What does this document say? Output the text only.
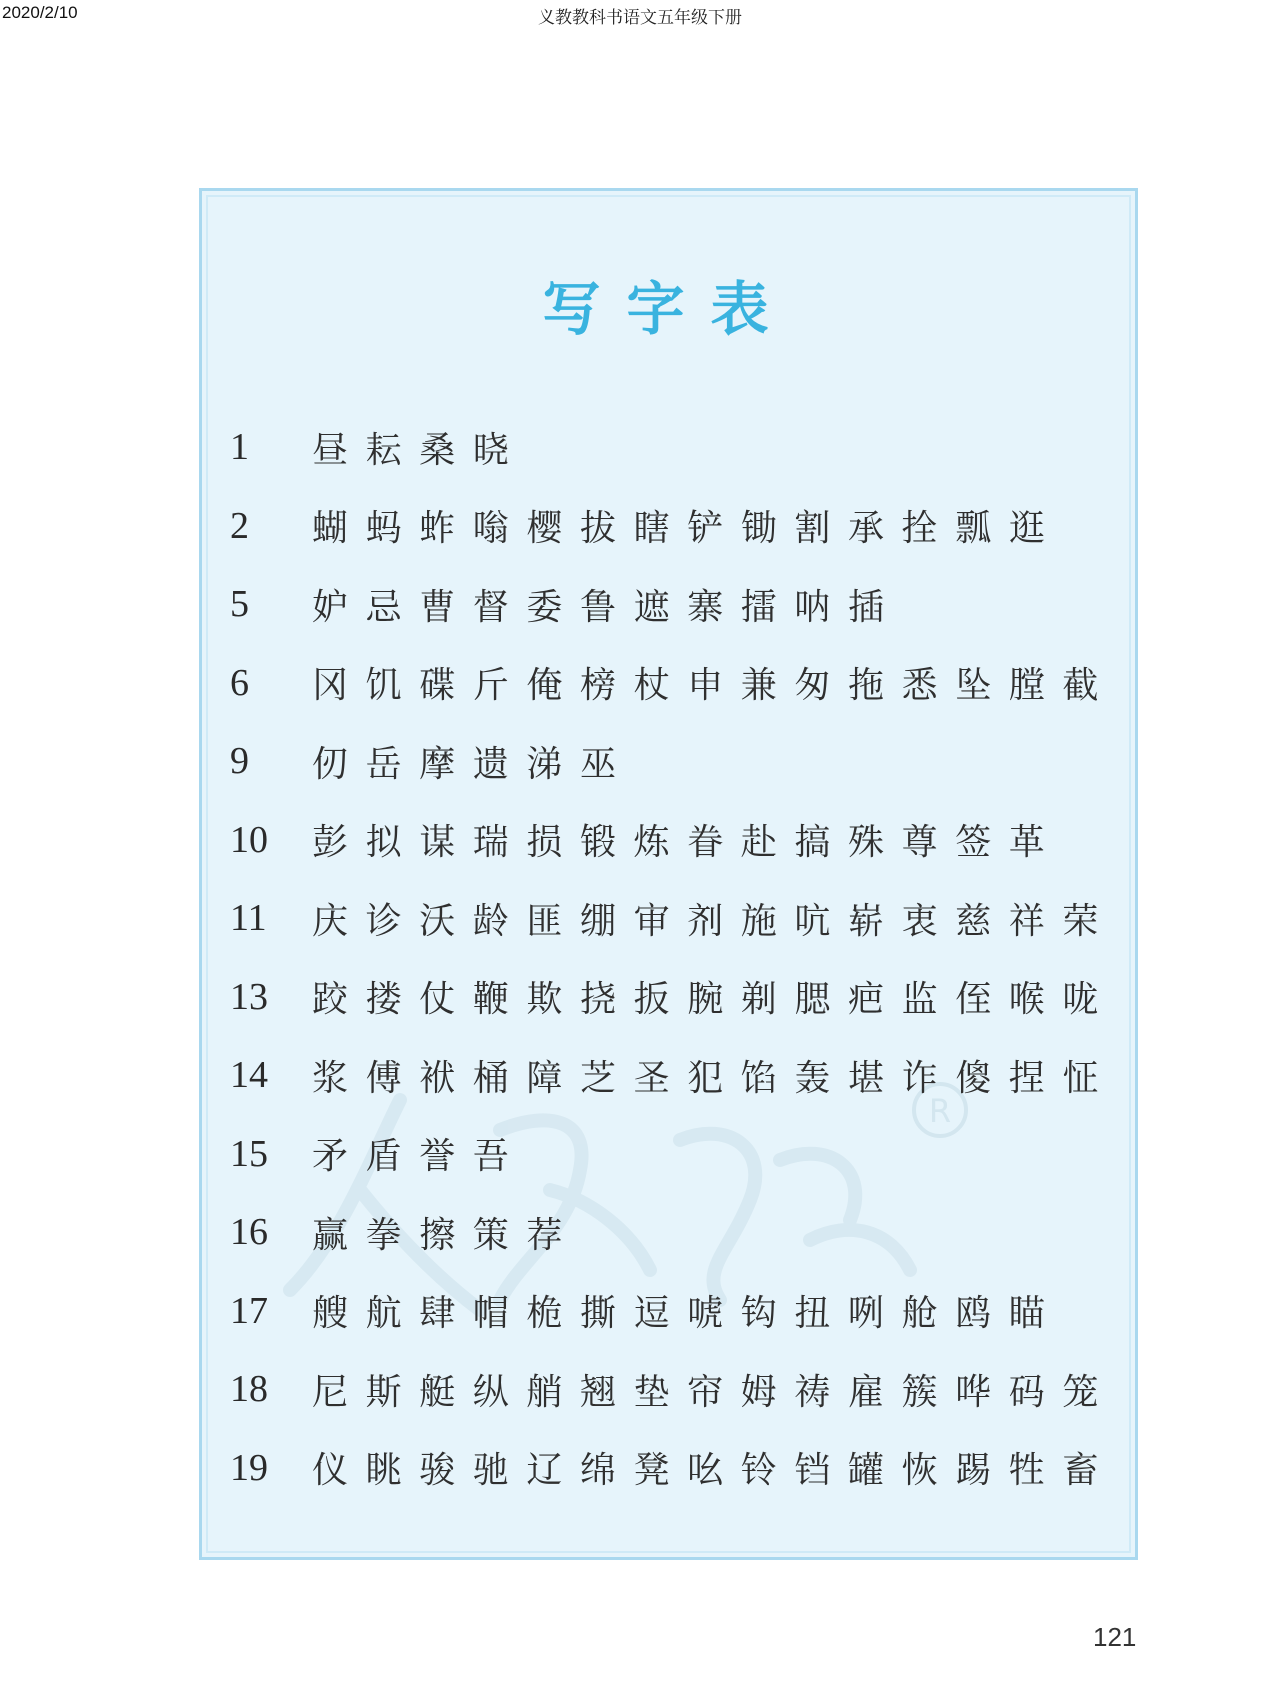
2020/2/10	义教教科书语文五年级下册
R
写字表
1	昼耘桑晓
2	蝴蚂蚱嗡樱拔瞎铲锄割承拴瓢逛
5	妒忌曹督委鲁遮寨擂呐插
6	冈饥碟斤俺榜杖申兼匆拖悉坠膛截
9	仞岳摩遗涕巫
10	彭拟谋瑞损锻炼眷赴搞殊尊签革
11	庆诊沃龄匪绷审剂施吭崭衷慈祥荣
13	跤搂仗鞭欺挠扳腕剃腮疤监侄喉咙
14	浆傅袱桶障芝圣犯馅轰堪诈傻捏怔
15	矛盾誉吾
16	赢拳擦策荐
17	艘航肆帽桅撕逗唬钩扭咧舱鸥瞄
18	尼斯艇纵艄翘垫帘姆祷雇簇哗码笼
19	仪眺骏驰辽绵凳吆铃铛罐恢踢牲畜
121
